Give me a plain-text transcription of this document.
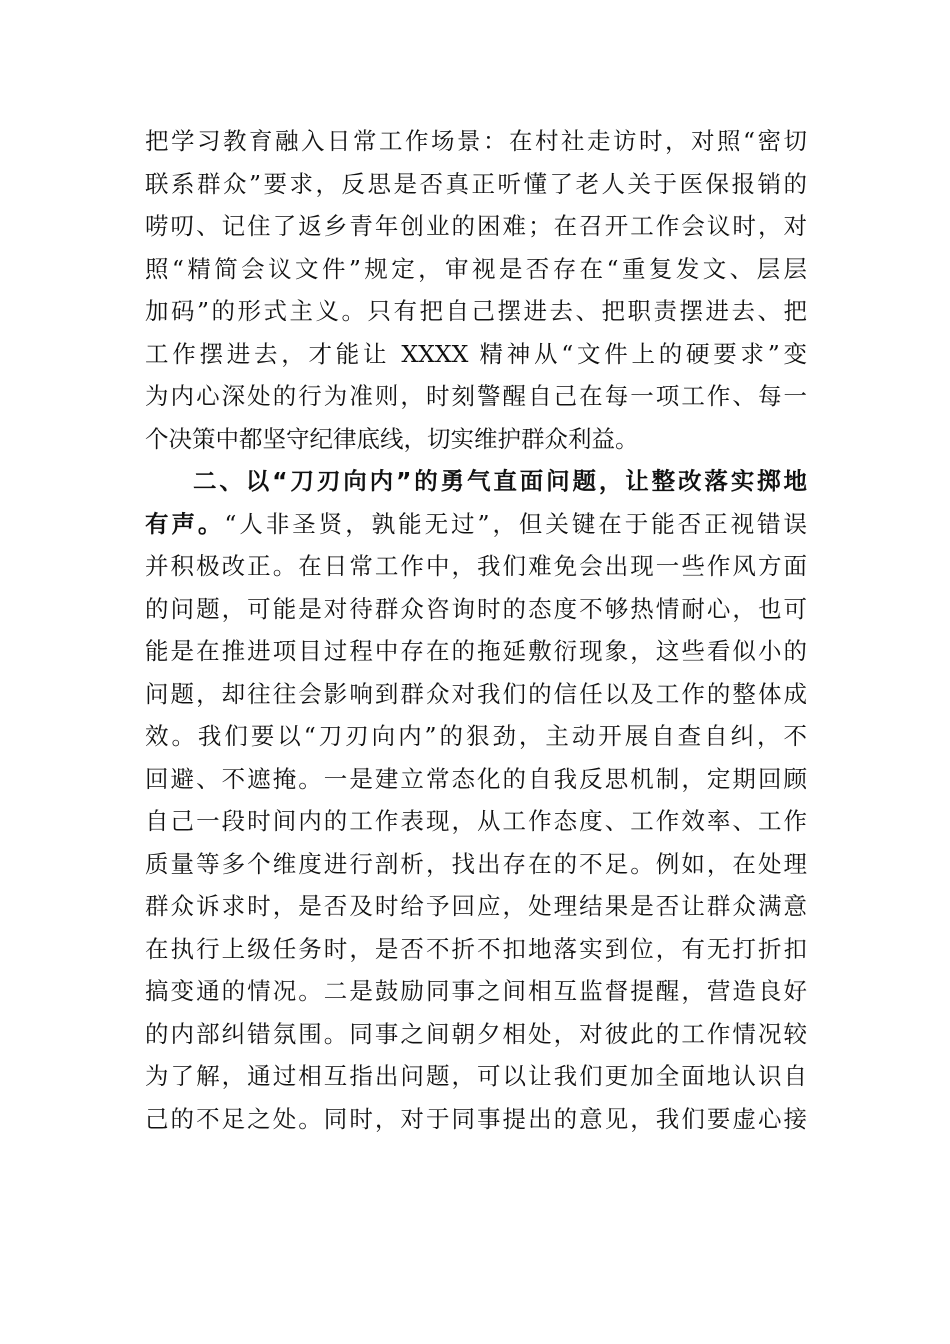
把学习教育融入日常工作场景：在村社走访时，对照“密切
联系群众”要求，反思是否真正听懂了老人关于医保报销的
唠叨、记住了返乡青年创业的困难；在召开工作会议时，对
照“精简会议文件”规定，审视是否存在“重复发文、层层
加码”的形式主义。只有把自己摆进去、把职责摆进去、把
工作摆进去，才能让 XXXX 精神从“文件上的硬要求”变
为内心深处的行为准则，时刻警醒自己在每一项工作、每一
个决策中都坚守纪律底线，切实维护群众利益。
二、以“刀刃向内”的勇气直面问题，让整改落实掷地
有声。“人非圣贤，孰能无过”，但关键在于能否正视错误
并积极改正。在日常工作中，我们难免会出现一些作风方面
的问题，可能是对待群众咨询时的态度不够热情耐心，也可
能是在推进项目过程中存在的拖延敷衍现象，这些看似小的
问题，却往往会影响到群众对我们的信任以及工作的整体成
效。我们要以“刀刃向内”的狠劲，主动开展自查自纠，不
回避、不遮掩。一是建立常态化的自我反思机制，定期回顾
自己一段时间内的工作表现，从工作态度、工作效率、工作
质量等多个维度进行剖析，找出存在的不足。例如，在处理
群众诉求时，是否及时给予回应，处理结果是否让群众满意
在执行上级任务时，是否不折不扣地落实到位，有无打折扣
搞变通的情况。二是鼓励同事之间相互监督提醒，营造良好
的内部纠错氛围。同事之间朝夕相处，对彼此的工作情况较
为了解，通过相互指出问题，可以让我们更加全面地认识自
己的不足之处。同时，对于同事提出的意见，我们要虚心接
